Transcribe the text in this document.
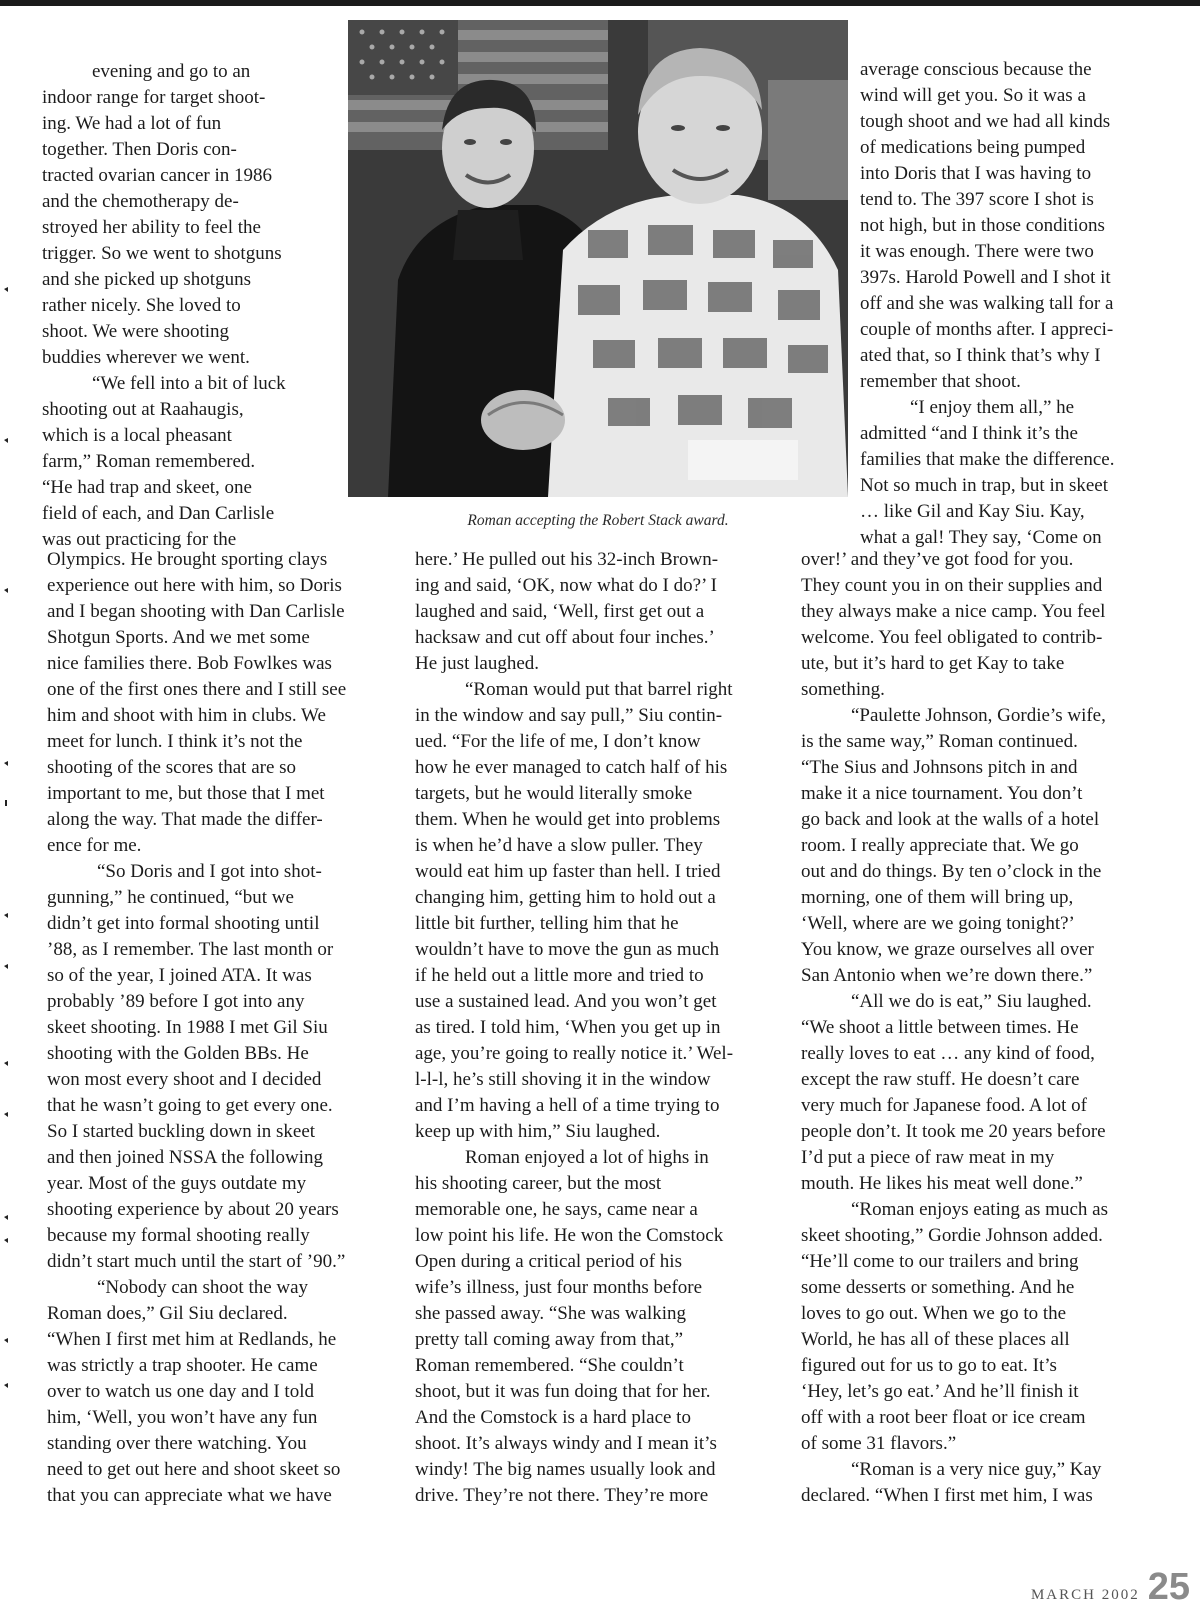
evening and go to an
indoor range for target shoot-
ing. We had a lot of fun
together. Then Doris con-
tracted ovarian cancer in 1986
and the chemotherapy de-
stroyed her ability to feel the
trigger. So we went to shotguns
and she picked up shotguns
rather nicely. She loved to
shoot. We were shooting
buddies wherever we went.
“We fell into a bit of luck
shooting out at Raahaugis,
which is a local pheasant
farm,” Roman remembered.
“He had trap and skeet, one
field of each, and Dan Carlisle
was out practicing for the
Olympics. He brought sporting clays
experience out here with him, so Doris
and I began shooting with Dan Carlisle
Shotgun Sports. And we met some
nice families there. Bob Fowlkes was
one of the first ones there and I still see
him and shoot with him in clubs. We
meet for lunch. I think it’s not the
shooting of the scores that are so
important to me, but those that I met
along the way. That made the differ-
ence for me.
“So Doris and I got into shot-
gunning,” he continued, “but we
didn’t get into formal shooting until
’88, as I remember. The last month or
so of the year, I joined ATA. It was
probably ’89 before I got into any
skeet shooting. In 1988 I met Gil Siu
shooting with the Golden BBs. He
won most every shoot and I decided
that he wasn’t going to get every one.
So I started buckling down in skeet
and then joined NSSA the following
year. Most of the guys outdate my
shooting experience by about 20 years
because my formal shooting really
didn’t start much until the start of ’90.”
“Nobody can shoot the way
Roman does,” Gil Siu declared.
“When I first met him at Redlands, he
was strictly a trap shooter. He came
over to watch us one day and I told
him, ‘Well, you won’t have any fun
standing over there watching. You
need to get out here and shoot skeet so
that you can appreciate what we have
here.’ He pulled out his 32-inch Brown-
ing and said, ‘OK, now what do I do?’ I
laughed and said, ‘Well, first get out a
hacksaw and cut off about four inches.’
He just laughed.
“Roman would put that barrel right
in the window and say pull,” Siu contin-
ued. “For the life of me, I don’t know
how he ever managed to catch half of his
targets, but he would literally smoke
them. When he would get into problems
is when he’d have a slow puller. They
would eat him up faster than hell. I tried
changing him, getting him to hold out a
little bit further, telling him that he
wouldn’t have to move the gun as much
if he held out a little more and tried to
use a sustained lead. And you won’t get
as tired. I told him, ‘When you get up in
age, you’re going to really notice it.’ Wel-
l-l-l, he’s still shoving it in the window
and I’m having a hell of a time trying to
keep up with him,” Siu laughed.
Roman enjoyed a lot of highs in
his shooting career, but the most
memorable one, he says, came near a
low point his life. He won the Comstock
Open during a critical period of his
wife’s illness, just four months before
she passed away. “She was walking
pretty tall coming away from that,”
Roman remembered. “She couldn’t
shoot, but it was fun doing that for her.
And the Comstock is a hard place to
shoot. It’s always windy and I mean it’s
windy! The big names usually look and
drive. They’re not there. They’re more
average conscious because the
wind will get you. So it was a
tough shoot and we had all kinds
of medications being pumped
into Doris that I was having to
tend to. The 397 score I shot is
not high, but in those conditions
it was enough. There were two
397s. Harold Powell and I shot it
off and she was walking tall for a
couple of months after. I appreci-
ated that, so I think that’s why I
remember that shoot.
“I enjoy them all,” he
admitted “and I think it’s the
families that make the difference.
Not so much in trap, but in skeet
… like Gil and Kay Siu. Kay,
what a gal! They say, ‘Come on
over!’ and they’ve got food for you.
They count you in on their supplies and
they always make a nice camp. You feel
welcome. You feel obligated to contrib-
ute, but it’s hard to get Kay to take
something.
“Paulette Johnson, Gordie’s wife,
is the same way,” Roman continued.
“The Sius and Johnsons pitch in and
make it a nice tournament. You don’t
go back and look at the walls of a hotel
room. I really appreciate that. We go
out and do things. By ten o’clock in the
morning, one of them will bring up,
‘Well, where are we going tonight?’
You know, we graze ourselves all over
San Antonio when we’re down there.”
“All we do is eat,” Siu laughed.
“We shoot a little between times. He
really loves to eat … any kind of food,
except the raw stuff. He doesn’t care
very much for Japanese food. A lot of
people don’t. It took me 20 years before
I’d put a piece of raw meat in my
mouth. He likes his meat well done.”
“Roman enjoys eating as much as
skeet shooting,” Gordie Johnson added.
“He’ll come to our trailers and bring
some desserts or something. And he
loves to go out. When we go to the
World, he has all of these places all
figured out for us to go to eat. It’s
‘Hey, let’s go eat.’ And he’ll finish it
off with a root beer float or ice cream
of some 31 flavors.”
“Roman is a very nice guy,” Kay
declared. “When I first met him, I was
Roman accepting the Robert Stack award.
MARCH 2002 25
